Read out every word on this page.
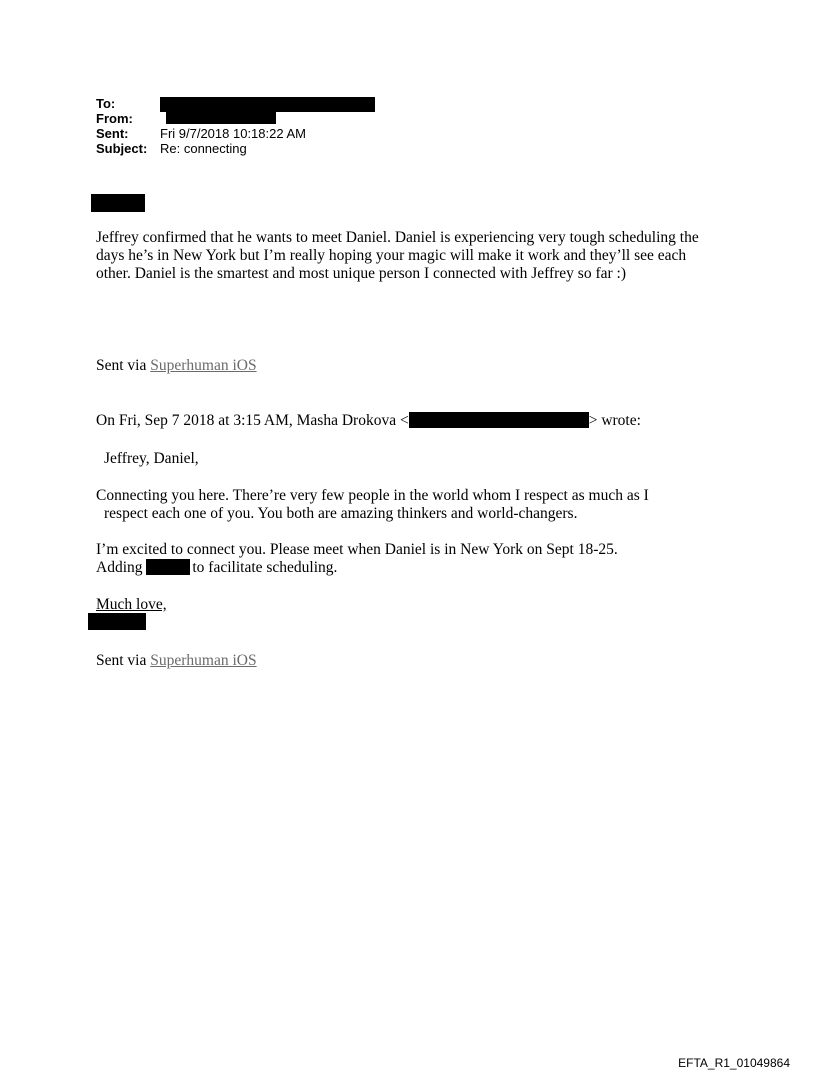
To:
From:
Sent: Fri 9/7/2018 10:18:22 AM
Subject: Re: connecting

Jeffrey confirmed that he wants to meet Daniel. Daniel is experiencing very tough scheduling the days he’s in New York but I’m really hoping your magic will make it work and they’ll see each other. Daniel is the smartest and most unique person I connected with Jeffrey so far :)

Sent via Superhuman iOS
On Fri, Sep 7 2018 at 3:15 AM, Masha Drokova <	> wrote:
Jeffrey, Daniel,
Connecting you here. There’re very few people in the world whom I respect as much as I
respect each one of you. You both are amazing thinkers and world-changers.
I’m excited to connect you. Please meet when Daniel is in New York on Sept 18-25.
Adding	to facilitate scheduling.
Much love,
Sent via Superhuman iOS
EFTA_R1_01049864
